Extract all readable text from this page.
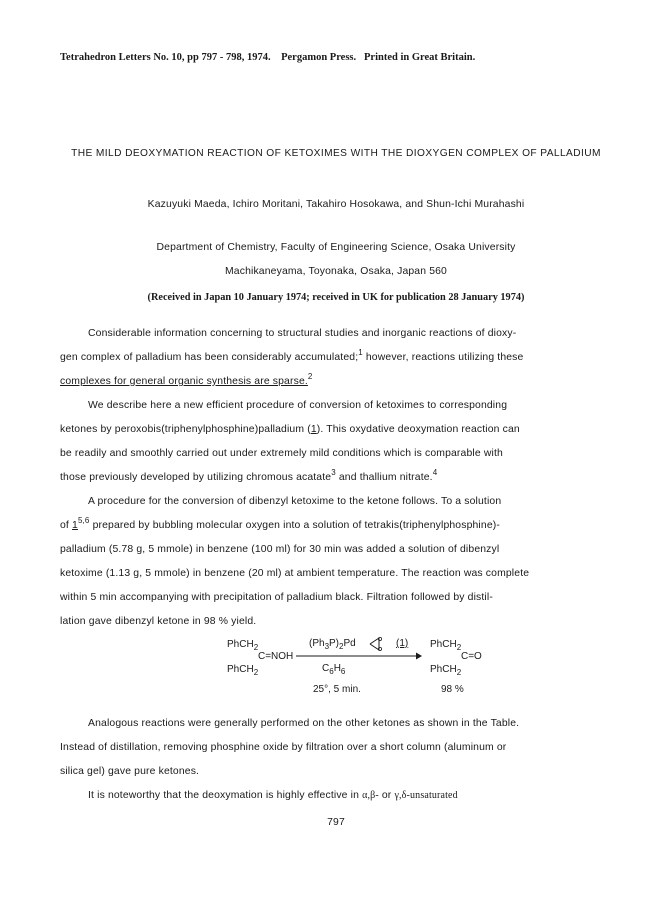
Tetrahedron Letters No. 10, pp 797 - 798, 1974. Pergamon Press. Printed in Great Britain.
THE MILD DEOXYMATION REACTION OF KETOXIMES WITH THE DIOXYGEN COMPLEX OF PALLADIUM
Kazuyuki Maeda, Ichiro Moritani, Takahiro Hosokawa, and Shun-Ichi Murahashi
Department of Chemistry, Faculty of Engineering Science, Osaka University
Machikaneyama, Toyonaka, Osaka, Japan 560
(Received in Japan 10 January 1974; received in UK for publication 28 January 1974)
Considerable information concerning to structural studies and inorganic reactions of dioxy-
gen complex of palladium has been considerably accumulated;$^1$ however, reactions utilizing these
complexes for general organic synthesis are sparse.$^2$
We describe here a new efficient procedure of conversion of ketoximes to corresponding
ketones by peroxobis(triphenylphosphine)palladium (1). This oxydative deoxymation reaction can
be readily and smoothly carried out under extremely mild conditions which is comparable with
those previously developed by utilizing chromous acatate$^3$ and thallium nitrate.$^4$
A procedure for the conversion of dibenzyl ketoxime to the ketone follows. To a solution
of 1$^{5,6}$ prepared by bubbling molecular oxygen into a solution of tetrakis(triphenylphosphine)-
palladium (5.78 g, 5 mmole) in benzene (100 ml) for 30 min was added a solution of dibenzyl
ketoxime (1.13 g, 5 mmole) in benzene (20 ml) at ambient temperature. The reaction was complete
within 5 min accompanying with precipitation of palladium black. Filtration followed by distil-
lation gave dibenzyl ketone in 98 % yield.
PhCH$_2$
C=NOH
PhCH$_2$
$(Ph_3P)_2Pd$	(1)
$C_6H_6$
25°, 5 min.
PhCH$_2$
C=O
PhCH$_2$
98 %
Analogous reactions were generally performed on the other ketones as shown in the Table.
Instead of distillation, removing phosphine oxide by filtration over a short column (aluminum or
silica gel) gave pure ketones.
It is noteworthy that the deoxymation is highly effective in α,β- or γ,δ-unsaturated
797
